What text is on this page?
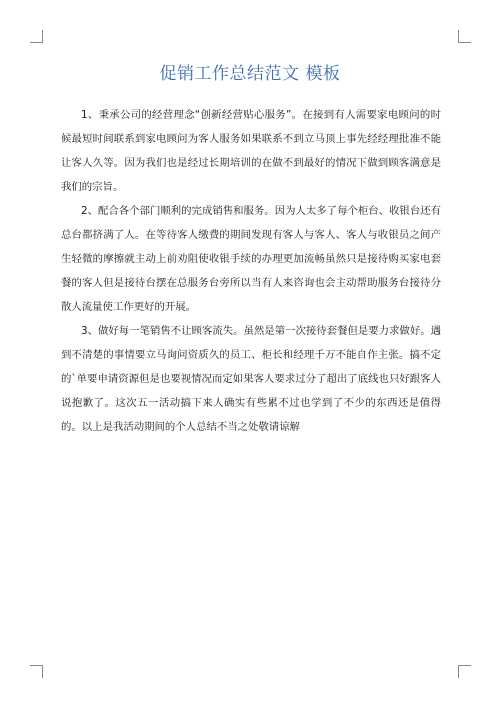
促销工作总结范文 模板

1、秉承公司的经营理念“创新经营贴心服务”。在接到有人需要家电顾问的时候最短时间联系到家电顾问为客人服务如果联系不到立马顶上事先经经理批准不能让客人久等。因为我们也是经过长期培训的在做不到最好的情况下做到顾客满意是我们的宗旨。

2、配合各个部门顺利的完成销售和服务。因为人太多了每个柜台、收银台还有总台都挤满了人。在等待客人缴费的期间发现有客人与客人、客人与收银员之间产生轻微的摩擦就主动上前劝阻使收银手续的办理更加流畅虽然只是接待购买家电套餐的客人但是接待台摆在总服务台旁所以当有人来咨询也会主动帮助服务台接待分散人流量使工作更好的开展。

3、做好每一笔销售不让顾客流失。虽然是第一次接待套餐但是要力求做好。遇到不清楚的事情要立马询问资质久的员工、柜长和经理千万不能自作主张。搞不定的`单要申请资源但是也要视情况而定如果客人要求过分了超出了底线也只好跟客人说抱歉了。这次五一活动搞下来人确实有些累不过也学到了不少的东西还是值得的。以上是我活动期间的个人总结不当之处敬请谅解
